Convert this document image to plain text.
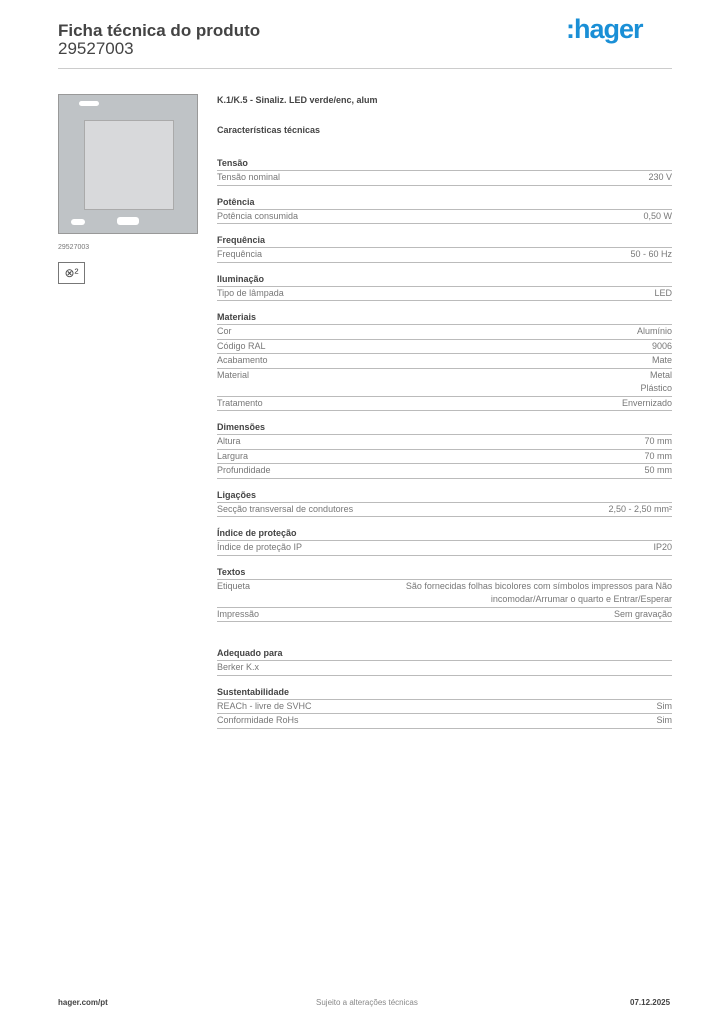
Ficha técnica do produto
29527003
:hager
29527003
⊗²
K.1/K.5 - Sinaliz. LED verde/enc, alum
Características técnicas
Tensão
Tensão nominal	230 V
Potência
Potência consumida	0,50 W
Frequência
Frequência	50 - 60 Hz
Iluminação
Tipo de lâmpada	LED
Materiais
Cor	Alumínio
Código RAL	9006
Acabamento	Mate
Material	Metal
Plástico
Tratamento	Envernizado
Dimensões
Altura	70 mm
Largura	70 mm
Profundidade	50 mm
Ligações
Secção transversal de condutores	2,50 - 2,50 mm²
Índice de proteção
Índice de proteção IP	IP20
Textos
Etiqueta	São fornecidas folhas bicolores com símbolos impressos para Não incomodar/Arrumar o quarto e Entrar/Esperar
Impressão	Sem gravação
Adequado para
Berker K.x
Sustentabilidade
REACh - livre de SVHC	Sim
Conformidade RoHs	Sim
hager.com/pt	Sujeito a alterações técnicas	07.12.2025
